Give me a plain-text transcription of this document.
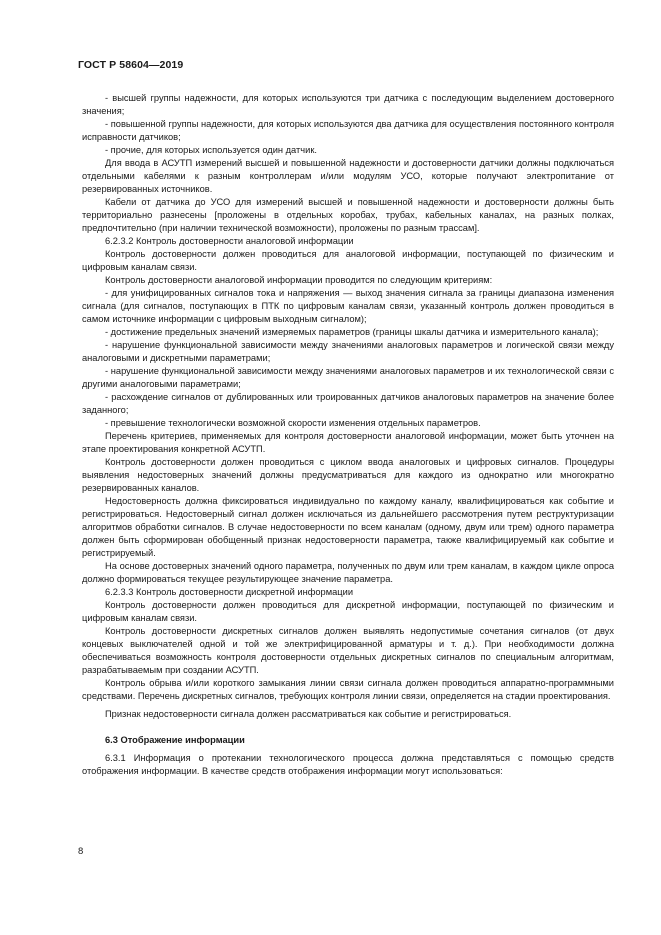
ГОСТ Р 58604—2019

- высшей группы надежности, для которых используются три датчика с последующим выделением достоверного значения;

- повышенной группы надежности, для которых используются два датчика для осуществления постоянного контроля исправности датчиков;

- прочие, для которых используется один датчик.

Для ввода в АСУТП измерений высшей и повышенной надежности и достоверности датчики должны подключаться отдельными кабелями к разным контроллерам и/или модулям УСО, которые получают электропитание от резервированных источников.

Кабели от датчика до УСО для измерений высшей и повышенной надежности и достоверности должны быть территориально разнесены [проложены в отдельных коробах, трубах, кабельных каналах, на разных полках, предпочтительно (при наличии технической возможности), проложены по разным трассам].

6.2.3.2 Контроль достоверности аналоговой информации

Контроль достоверности должен проводиться для аналоговой информации, поступающей по физическим и цифровым каналам связи.

Контроль достоверности аналоговой информации проводится по следующим критериям:

- для унифицированных сигналов тока и напряжения — выход значения сигнала за границы диапазона изменения сигнала (для сигналов, поступающих в ПТК по цифровым каналам связи, указанный контроль должен проводиться в самом источнике информации с цифровым выходным сигналом);

- достижение предельных значений измеряемых параметров (границы шкалы датчика и измерительного канала);

- нарушение функциональной зависимости между значениями аналоговых параметров и логической связи между аналоговыми и дискретными параметрами;

- нарушение функциональной зависимости между значениями аналоговых параметров и их технологической связи с другими аналоговыми параметрами;

- расхождение сигналов от дублированных или троированных датчиков аналоговых параметров на значение более заданного;

- превышение технологически возможной скорости изменения отдельных параметров.

Перечень критериев, применяемых для контроля достоверности аналоговой информации, может быть уточнен на этапе проектирования конкретной АСУТП.

Контроль достоверности должен проводиться с циклом ввода аналоговых и цифровых сигналов. Процедуры выявления недостоверных значений должны предусматриваться для каждого из однократно или многократно резервированных каналов.

Недостоверность должна фиксироваться индивидуально по каждому каналу, квалифицироваться как событие и регистрироваться. Недостоверный сигнал должен исключаться из дальнейшего рассмотрения путем реструктуризации алгоритмов обработки сигналов. В случае недостоверности по всем каналам (одному, двум или трем) одного параметра должен быть сформирован обобщенный признак недостоверности параметра, также квалифицируемый как событие и регистрируемый.

На основе достоверных значений одного параметра, полученных по двум или трем каналам, в каждом цикле опроса должно формироваться текущее результирующее значение параметра.

6.2.3.3 Контроль достоверности дискретной информации

Контроль достоверности должен проводиться для дискретной информации, поступающей по физическим и цифровым каналам связи.

Контроль достоверности дискретных сигналов должен выявлять недопустимые сочетания сигналов (от двух концевых выключателей одной и той же электрифицированной арматуры и т. д.). При необходимости должна обеспечиваться возможность контроля достоверности отдельных дискретных сигналов по специальным алгоритмам, разрабатываемым при создании АСУТП.

Контроль обрыва и/или короткого замыкания линии связи сигнала должен проводиться аппаратно-программными средствами. Перечень дискретных сигналов, требующих контроля линии связи, определяется на стадии проектирования.

Признак недостоверности сигнала должен рассматриваться как событие и регистрироваться.

6.3 Отображение информации

6.3.1 Информация о протекании технологического процесса должна представляться с помощью средств отображения информации. В качестве средств отображения информации могут использоваться:

8
